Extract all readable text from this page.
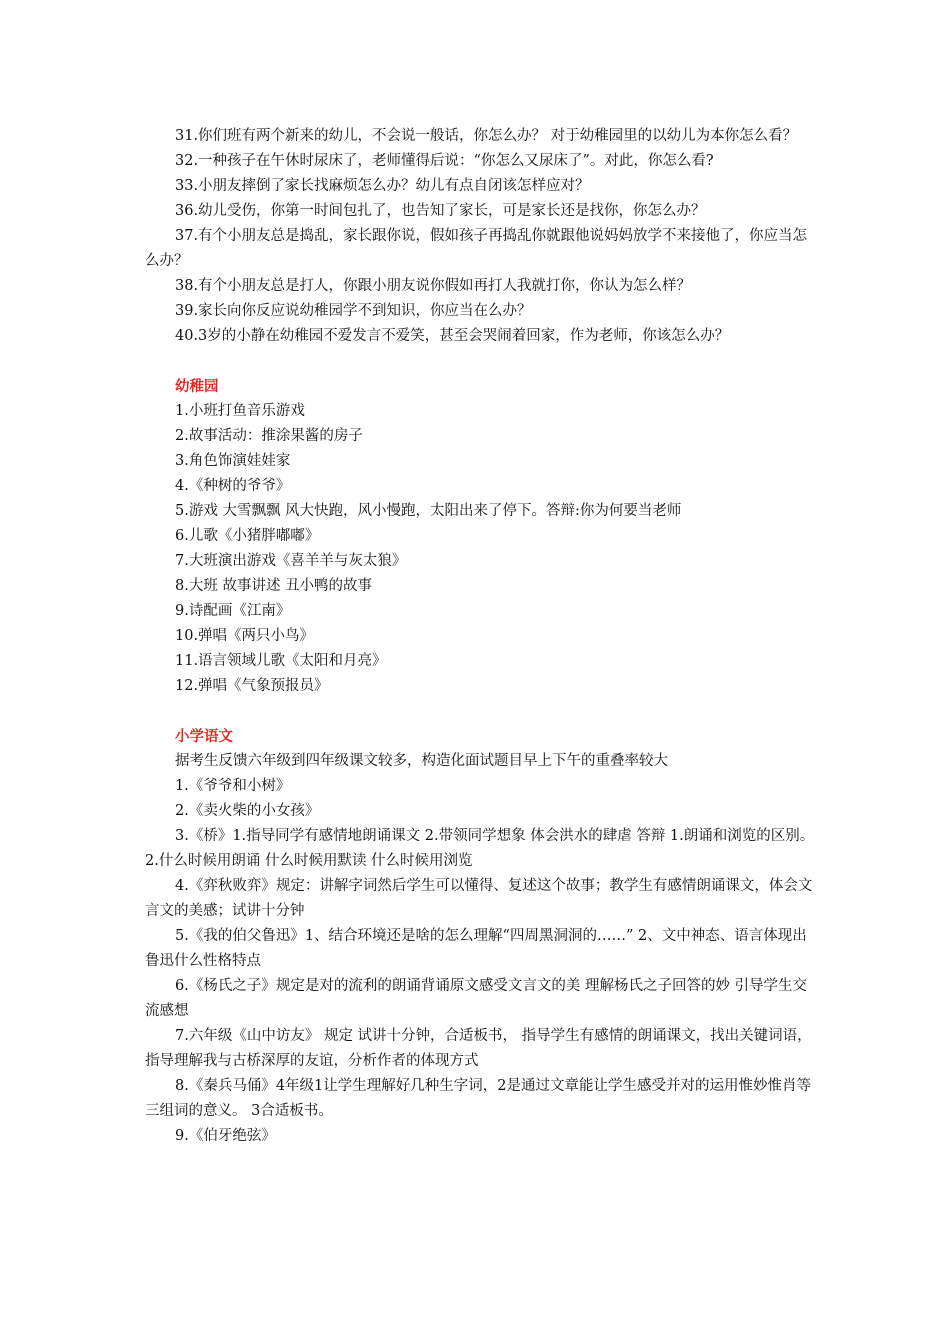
31.你们班有两个新来的幼儿，不会说一般话，你怎么办？ 对于幼稚园里的以幼儿为本你怎么看？

32.一种孩子在午休时尿床了，老师懂得后说：“你怎么又尿床了”。对此，你怎么看?

33.小朋友摔倒了家长找麻烦怎么办？幼儿有点自闭该怎样应对？

36.幼儿受伤，你第一时间包扎了，也告知了家长，可是家长还是找你，你怎么办？

37.有个小朋友总是捣乱，家长跟你说，假如孩子再捣乱你就跟他说妈妈放学不来接他了，你应当怎么办？

38.有个小朋友总是打人，你跟小朋友说你假如再打人我就打你，你认为怎么样？

39.家长向你反应说幼稚园学不到知识，你应当在么办？

40.3岁的小静在幼稚园不爱发言不爱笑，甚至会哭闹着回家，作为老师，你该怎么办？

幼稚园

1.小班打鱼音乐游戏

2.故事活动：推涂果酱的房子

3.角色饰演娃娃家

4.《种树的爷爷》

5.游戏 大雪飘飘 风大快跑，风小慢跑，太阳出来了停下。答辩:你为何要当老师

6.儿歌《小猪胖嘟嘟》

7.大班演出游戏《喜羊羊与灰太狼》

8.大班 故事讲述 丑小鸭的故事

9.诗配画《江南》

10.弹唱《两只小鸟》

11.语言领域儿歌《太阳和月亮》

12.弹唱《气象预报员》

小学语文

据考生反馈六年级到四年级课文较多，构造化面试题目早上下午的重叠率较大

1.《爷爷和小树》

2.《卖火柴的小女孩》

3.《桥》1.指导同学有感情地朗诵课文 2.带领同学想象 体会洪水的肆虐 答辩 1.朗诵和浏览的区别。2.什么时候用朗诵 什么时候用默读 什么时候用浏览

4.《弈秋败弈》规定：讲解字词然后学生可以懂得、复述这个故事；教学生有感情朗诵课文，体会文言文的美感；试讲十分钟

5.《我的伯父鲁迅》1、结合环境还是啥的怎么理解“四周黑洞洞的……” 2、文中神态、语言体现出鲁迅什么性格特点

6.《杨氏之子》规定是对的流利的朗诵背诵原文感受文言文的美 理解杨氏之子回答的妙 引导学生交流感想

7.六年级《山中访友》 规定 试讲十分钟，合适板书， 指导学生有感情的朗诵课文，找出关键词语，指导理解我与古桥深厚的友谊，分析作者的体现方式

8.《秦兵马俑》4年级1让学生理解好几种生字词，2是通过文章能让学生感受并对的运用惟妙惟肖等三组词的意义。 3合适板书。

9.《伯牙绝弦》
